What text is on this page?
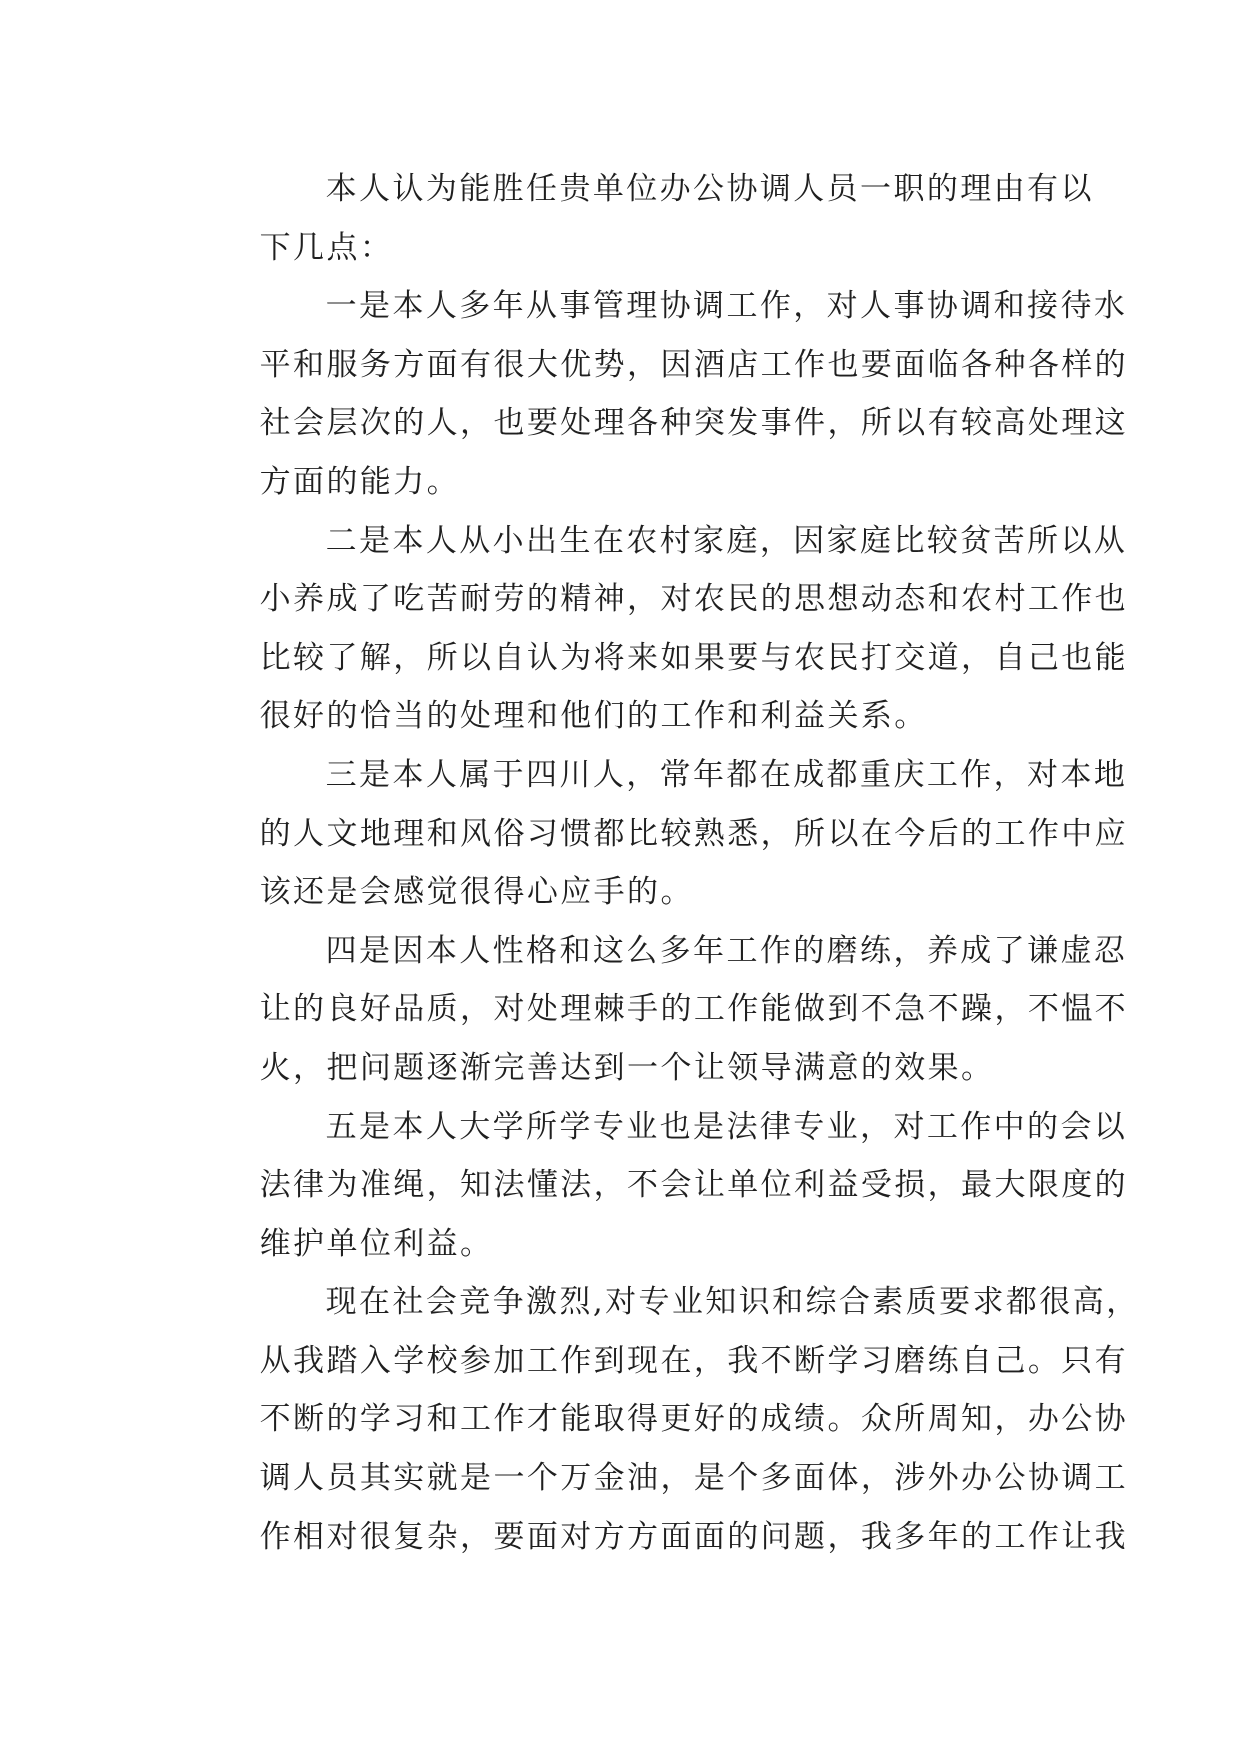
本人认为能胜任贵单位办公协调人员一职的理由有以
下几点：

一是本人多年从事管理协调工作，对人事协调和接待水
平和服务方面有很大优势，因酒店工作也要面临各种各样的
社会层次的人，也要处理各种突发事件，所以有较高处理这
方面的能力。

二是本人从小出生在农村家庭，因家庭比较贫苦所以从
小养成了吃苦耐劳的精神，对农民的思想动态和农村工作也
比较了解，所以自认为将来如果要与农民打交道，自己也能
很好的恰当的处理和他们的工作和利益关系。

三是本人属于四川人，常年都在成都重庆工作，对本地
的人文地理和风俗习惯都比较熟悉，所以在今后的工作中应
该还是会感觉很得心应手的。

四是因本人性格和这么多年工作的磨练，养成了谦虚忍
让的良好品质，对处理棘手的工作能做到不急不躁，不愠不
火，把问题逐渐完善达到一个让领导满意的效果。

五是本人大学所学专业也是法律专业，对工作中的会以
法律为准绳，知法懂法，不会让单位利益受损，最大限度的
维护单位利益。

现在社会竞争激烈,对专业知识和综合素质要求都很高，
从我踏入学校参加工作到现在，我不断学习磨练自己。只有
不断的学习和工作才能取得更好的成绩。众所周知，办公协
调人员其实就是一个万金油，是个多面体，涉外办公协调工
作相对很复杂，要面对方方面面的问题，我多年的工作让我
